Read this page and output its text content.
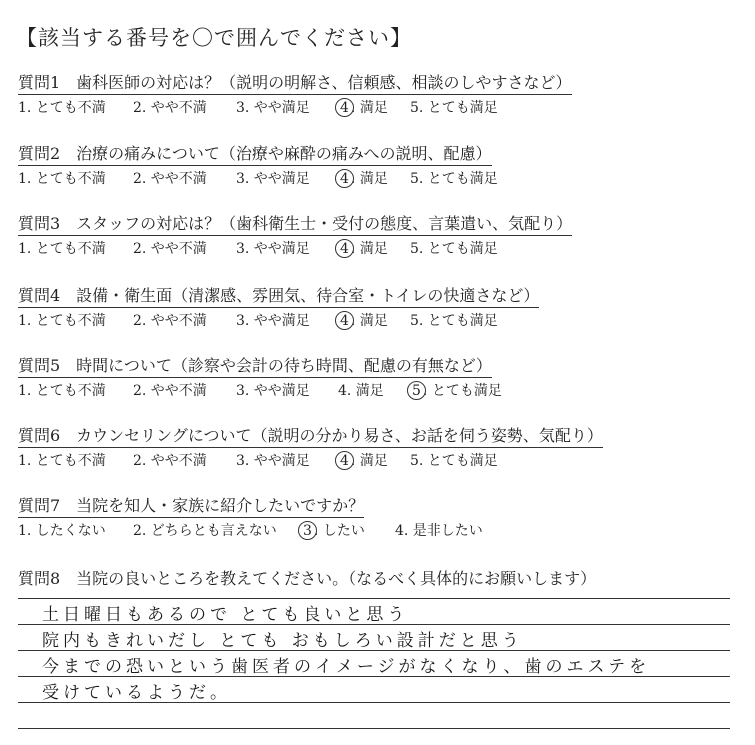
【該当する番号を〇で囲んでください】
質問1　歯科医師の対応は？（説明の明解さ、信頼感、相談のしやすさなど）
1. とても不満 2. やや不満 3. やや満足 4 . 満足 5. とても満足
質問2　治療の痛みについて（治療や麻酔の痛みへの説明、配慮）
1. とても不満 2. やや不満 3. やや満足 4 . 満足 5. とても満足
質問3　スタッフの対応は？（歯科衛生士・受付の態度、言葉遣い、気配り）
1. とても不満 2. やや不満 3. やや満足 4 . 満足 5. とても満足
質問4　設備・衛生面（清潔感、雰囲気、待合室・トイレの快適さなど）
1. とても不満 2. やや不満 3. やや満足 4 . 満足 5. とても満足
質問5　時間について（診察や会計の待ち時間、配慮の有無など）
1. とても不満 2. やや不満 3. やや満足 4. 満足 5 . とても満足
質問6　カウンセリングについて（説明の分かり易さ、お話を伺う姿勢、気配り）
1. とても不満 2. やや不満 3. やや満足 4 . 満足 5. とても満足
質問7　当院を知人・家族に紹介したいですか？
1. したくない 2. どちらとも言えない 3 . したい 4. 是非したい
質問8　当院の良いところを教えてください。（なるべく具体的にお願いします）
土日曜日もあるので とても良いと思う
院内もきれいだし とても おもしろい設計だと思う
今までの恐いという歯医者のイメージがなくなり、歯のエステを
受けているようだ。
